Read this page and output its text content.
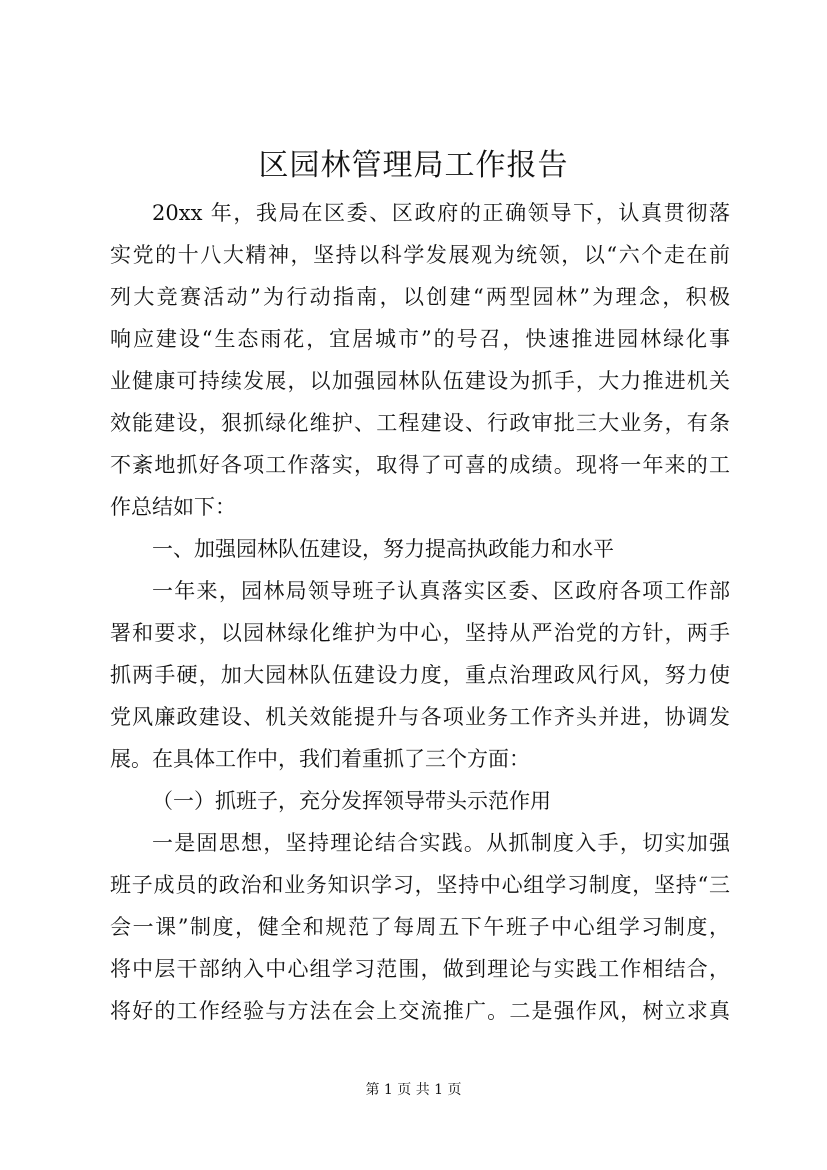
区园林管理局工作报告
20xx 年，我局在区委、区政府的正确领导下，认真贯彻落
实党的十八大精神，坚持以科学发展观为统领，以“六个走在前
列大竞赛活动”为行动指南，以创建“两型园林”为理念，积极
响应建设“生态雨花，宜居城市”的号召，快速推进园林绿化事
业健康可持续发展，以加强园林队伍建设为抓手，大力推进机关
效能建设，狠抓绿化维护、工程建设、行政审批三大业务，有条
不紊地抓好各项工作落实，取得了可喜的成绩。现将一年来的工
作总结如下：
一、加强园林队伍建设，努力提高执政能力和水平
一年来，园林局领导班子认真落实区委、区政府各项工作部
署和要求，以园林绿化维护为中心，坚持从严治党的方针，两手
抓两手硬，加大园林队伍建设力度，重点治理政风行风，努力使
党风廉政建设、机关效能提升与各项业务工作齐头并进，协调发
展。在具体工作中，我们着重抓了三个方面：
（一）抓班子，充分发挥领导带头示范作用
一是固思想，坚持理论结合实践。从抓制度入手，切实加强
班子成员的政治和业务知识学习，坚持中心组学习制度，坚持“三
会一课”制度，健全和规范了每周五下午班子中心组学习制度，
将中层干部纳入中心组学习范围，做到理论与实践工作相结合，
将好的工作经验与方法在会上交流推广。二是强作风，树立求真
第 1 页 共 1 页
